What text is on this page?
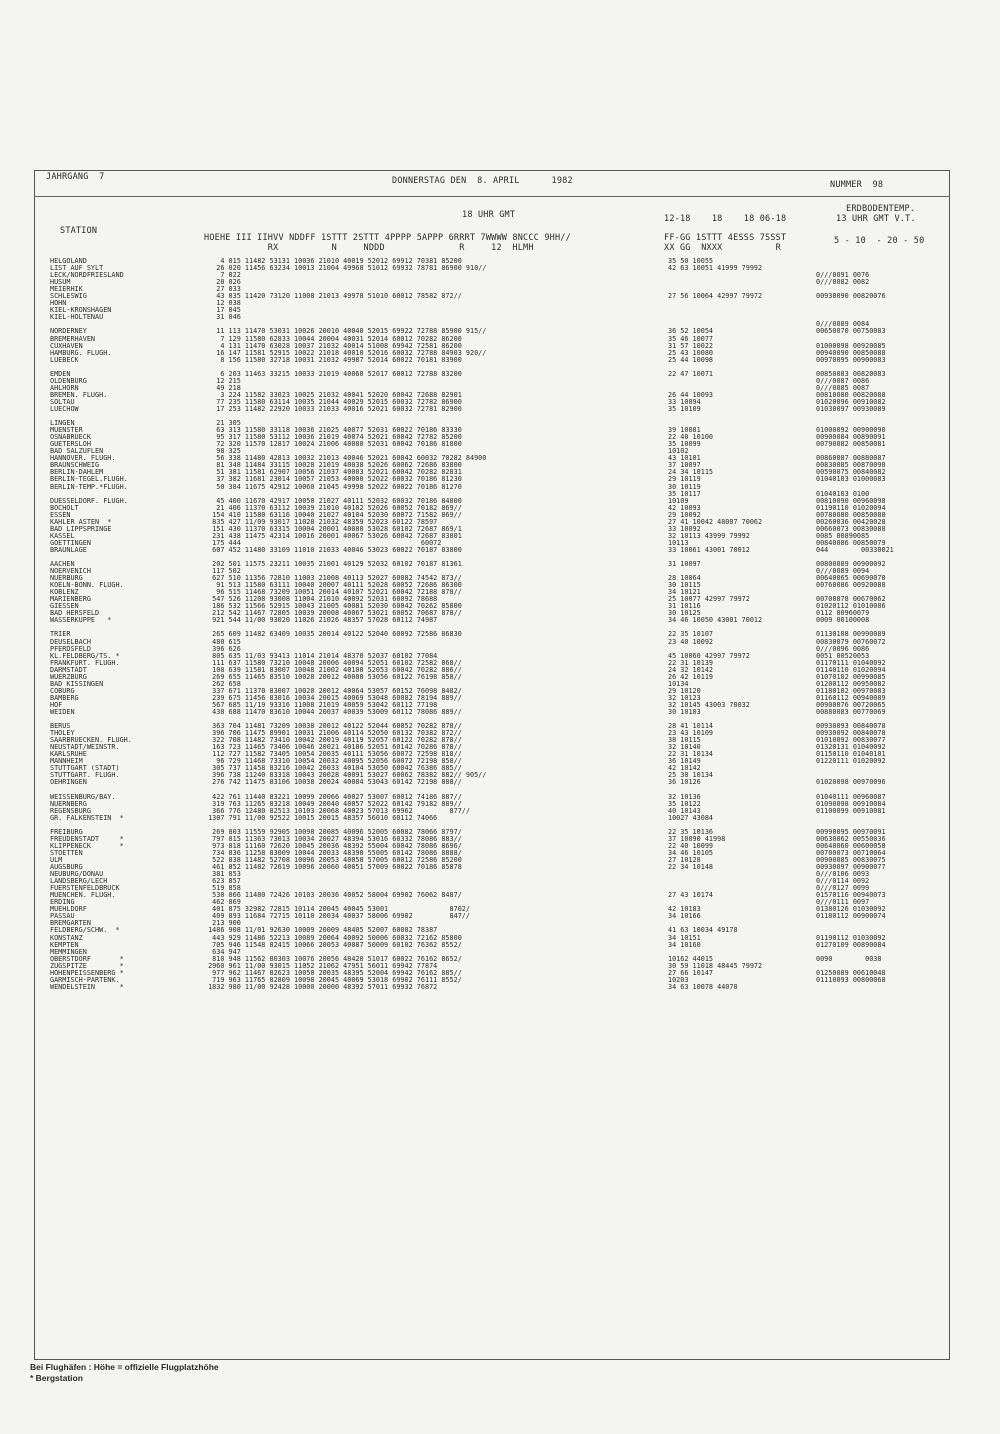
JAHRGANG  7	DONNERSTAG DEN  8. APRIL      1982	NUMMER  98
18 UHR GMT
ERDBODENTEMP.
13 UHR GMT V.T.
12-18    18    18 06-18
STATION
HOEHE III IIHVV NDDFF 1STTT 2STTT 4PPPP 5APPP 6RRRT 7WWWW 8NCCC 9HH//
RX          N     NDDD              R     12  HLMH
FF-GG 1STTT 4ESSS 7SSST
XX GG  NXXX          R
5 - 10  - 20 - 50
HELGOLAND
LIST AUF SYLT
LECK/NORDFRIESLAND
HUSUM
MEIERHIK
SCHLESWIG
HOHN
KIEL-KRONSHAGEN
KIEL-HOLTENAU
NORDERNEY
BREMERHAVEN
CUXHAVEN
HAMBURG. FLUGH.
LUEBECK
EMDEN
OLDENBURG
AHLHORN
BREMEN. FLUGH.
SOLTAU
LUECHOW
LINGEN
MUENSTER
OSNABRUECK
GUETERSLOH
BAD SALZUFLEN
HANNOVER. FLUGH.
BRAUNSCHWEIG
BERLIN-DAHLEM
BERLIN-TEGEL.FLUGH.
BERLIN-TEMP.*FLUGH.
DUESSELDORF. FLUGH.
BOCHOLT
ESSEN
KAHLER ASTEN  *
BAD LIPPSPRINGE
KASSEL
GOETTINGEN
BRAUNLAGE
AACHEN
NOERVENICH
NUERBURG
KOELN-BONN. FLUGH.
KOBLENZ
MARIENBERG
GIESSEN
BAD HERSFELD
WASSERKUPPE   *
TRIER
DEUSELBACH
PFERDSFELD
KL.FELDBERG/TS. *
FRANKFURT. FLUGH.
DARMSTADT
WUERZBURG
BAD KISSINGEN
COBURG
BAMBERG
HOF
WEIDEN
BERUS
THOLEY
SAARBRUECKEN. FLUGH.
NEUSTADT/WEINSTR.
KARLSRUHE
MANNHEIM
STUTTGART (STADT)
STUTTGART. FLUGH.
OEHRINGEN
WEISSENBURG/BAY.
NUERNBERG
REGENSBURG
GR. FALKENSTEIN  *
FREIBURG
FREUDENSTADT     *
KLIPPENECK       *
STOETTEN
ULM
AUGSBURG
NEUBURG/DONAU
LANDSBERG/LECH
FUERSTENFELDBRUCK
MUENCHEN. FLUGH.
ERDING
MUEHLDORF
PASSAU
BREMGARTEN
FELDBERG/SCHW.  *
KONSTANZ
KEMPTEN
MEMMINGEN
OBERSTDORF       *
ZUGSPITZE        *
HOHENPEISSENBERG *
GARMISCH-PARTENK.
WENDELSTEIN      *
4 015 11482 53131 10036 21010 40019 52012 69912 70381 85200
26 020 11456 63234 10013 21004 49968 51012 69932 78781 86900 910//
7 022
28 026
27 033
43 035 11420 73120 11008 21013 49978 51010 60012 78582 872//
12 038
17 045
31 046
11 113 11470 53031 10026 20010 40040 52015 69922 72788 85900 915//
7 129 11580 62833 10044 20004 40031 52014 60012 70282 86200
4 131 11470 63028 10037 21032 40014 51008 69942 72581 86200
16 147 11581 52915 10022 21018 40010 52016 60032 72788 84903 920//
8 156 11580 32718 10031 21032 49987 52014 60022 70181 83900
6 203 11463 33215 10033 21019 40060 52017 60012 72788 83200
12 215
49 218
3 224 11582 33023 10025 21032 40041 52020 60042 72688 82901
77 235 11580 63114 10035 21044 40029 52015 60032 72782 86900
17 253 11482 22920 10033 21033 40016 52021 60032 72781 82900
21 305
63 313 11580 33118 10036 21025 40077 52031 60022 70186 83330
95 317 11580 53112 10036 21019 40074 52021 60042 72782 85200
72 320 11570 12817 10024 21006 40080 52031 60042 70186 81800
98 325
56 338 11480 42813 10032 21013 40046 52021 60042 60032 70282 84900
81 348 11484 33115 10028 21019 40038 52026 60062 72686 83800
51 381 11581 62907 10056 21037 40003 52021 60042 70282 82831
37 382 11681 23014 10057 21053 40000 52022 60032 70186 81230
50 384 11675 42912 10060 21045 49998 52022 60022 70186 81270
45 400 11670 42917 10050 21027 40111 52032 60032 70186 84800
21 406 11370 63112 10039 21010 40102 52026 60052 70182 869//
154 410 11580 63116 10040 21027 40104 52030 60072 71582 869//
835 427 11/09 93017 11028 21032 48359 52023 60122 78597
151 430 11370 63315 10004 20001 40080 53028 60102 72687 869/1
231 438 11475 42314 10016 20001 40067 53026 60042 72687 83801
175 444                                            60072
607 452 11480 33109 11010 21033 40046 53023 60022 70187 83800
202 501 11575 23211 10035 21001 40129 52032 60102 70187 81361
117 502
627 510 11356 72810 11003 21008 40113 52027 60082 74542 873//
91 513 11580 63111 10040 20007 40111 52028 60052 72686 86300
96 515 11468 73209 10051 20014 40107 52021 60042 72188 878//
547 526 11208 93008 11004 21010 40092 52031 60092 78688
186 532 11566 52915 10043 21005 40081 52030 60042 70262 85800
212 542 11467 72805 10039 20008 40067 53021 60052 70687 878//
921 544 11/00 93020 11026 21026 48357 57028 60112 74987
265 609 11482 63409 10035 20014 40122 52040 60092 72586 86830
480 615
396 626
805 635 11/03 93413 11014 21014 48370 52037 60102 77084
111 637 11580 73210 10048 20006 40094 52051 60102 72582 868//
108 639 11581 83007 10048 21002 40100 52053 60042 70282 886//
269 655 11465 83510 10028 20012 40080 53056 60122 76198 858//
262 658
337 671 11370 83007 10020 20012 40064 53057 60152 76098 8482/
239 675 11456 83016 10034 20015 40069 53048 60082 78194 889//
567 685 11/19 93316 11008 21019 40059 53042 60112 77198
438 688 11470 83610 10044 20037 40039 53009 60112 78086 889//
363 704 11481 73209 10038 20012 40122 52044 60052 70282 878//
396 706 11475 89901 10031 21006 40114 52050 60132 70382 872//
322 708 11482 73410 10042 20019 40119 52057 60122 70282 878//
163 723 11465 73406 10046 20021 40106 52051 60142 70286 878//
112 727 11582 73405 10054 20035 40111 53056 60072 72598 818//
96 729 11468 73310 10054 20032 40095 52056 60072 72198 858//
305 737 11458 83216 10042 20033 40104 53050 60042 76386 885//
396 738 11240 83318 10043 20028 40091 53027 60062 78382 882// 905//
276 742 11475 83106 10038 20024 40084 53043 60142 72198 888//
422 761 11440 83221 10099 20066 40027 53007 60012 74186 887//
319 763 11265 83218 10049 20040 40057 52022 60142 79182 889//
366 776 12480 82513 10103 20068 40023 57013 69962         877//
1307 791 11/00 92522 10015 20015 48357 56010 60112 74066
269 803 11559 92905 10098 20085 40096 52005 60082 78066 8797/
797 815 11363 73013 10034 20027 48394 53016 60332 78086 883//
973 818 11160 72620 10045 20036 48392 55004 60042 78086 8696/
734 836 11258 83009 10044 20033 48390 55005 60142 78086 8888/
522 838 11482 52708 10096 20053 40058 57005 60012 72586 85200
461 852 11482 72619 10096 20060 40051 57009 60022 70186 85878
381 853
623 857
519 858
530 866 11480 72426 10103 20036 40052 58004 69902 76062 8487/
462 869
401 875 32982 72815 10114 20045 40045 53001               8702/
409 893 11684 72715 10110 20034 40037 58006 69902         847//
213 900
1486 908 11/01 92630 10009 20009 48405 52007 60082 78387
443 929 11486 52213 10089 20064 40092 50006 60032 72162 85800
705 946 11548 82415 10066 20053 40087 50009 60102 76362 8552/
634 947
810 948 11562 80303 10076 20056 48420 51017 60022 76162 8652/
2960 961 11/00 93015 11052 21062 47951 56011 69942 77874
977 962 11467 82623 10050 20035 48395 52004 69942 76162 885//
719 963 11765 82809 10098 20045 40069 53018 69902 76111 8552/
1832 980 11/00 92428 10000 20000 48392 57011 69932 76872
35 50 10055
42 63 10051 41999 79992
27 56 10064 42997 79972
36 52 10054
35 46 10077
31 57 10022
25 43 10080
25 44 10098
22 47 10071
26 44 10093
33 10094
35 10109
39 10081
22 40 10100
35 10099
10102
43 10101
37 10097
24 34 10115
29 10119
30 10119
35 10117
10109
42 10093
29 10092
27 41 10042 48007 70062
33 10092
32 10113 43999 79992
10113
33 10061 43001 70012
31 10097
28 10064
30 10115
34 10121
25 10077 42997 79972
31 10116
30 10125
34 46 10050 43001 70012
22 35 10107
23 40 10092
45 10060 42997 79972
22 31 10139
24 32 10142
26 42 10119
10134
29 10120
32 10123
32 10145 43003 70032
30 10103
28 41 10114
23 43 10109
38 10115
32 10140
22 31 10134
36 10149
42 10142
25 38 10134
36 10126
32 10136
35 10122
40 10143
10027 43084
22 35 10136
37 10090 41998
22 40 10099
34 46 10105
27 10128
22 34 10148
27 43 10174
42 10183
34 10166
41 63 10034 49178
34 10151
34 10160
10162 44015
30 59 11018 48445 79972
27 66 10147
10203
34 63 10078 44070
0///0091 0076
0///0082 0082
00930090 00820076
0///0089 0084
00650070 00750083
01000098 00920085
00940090 00850088
00970095 00900083
00850083 00820083
0///0087 0086
0///0085 0087
00810080 00820088
01020096 00910082
01030097 00930089
01000092 00900090
00900084 00890091
00790082 00850081
00860087 00880087
00830085 00870090
00590075 00840082
01040103 01000083
01040103 0100
00810090 00960098
01190110 01020094
00780080 00850088
00260036 00420028
00660073 00830088
0085 00890085
00840086 00850079
044        00330021
00800089 00900092
0///0089 0094
00640065 00690070
00760086 00920088
00700078 00670062
01020112 01010086
0112 00960079
0009 00100008
01130108 00990089
00830079 00760072
0///0096 0086
0051 00520053
01170111 01040092
01140110 01020094
01070102 00990085
01200112 00950082
01180102 00970083
01160112 00940089
00900076 00720065
00880083 00770069
00930093 00840078
00930092 00840078
01010092 00830077
01320131 01040092
01150110 01040101
01220111 01020092
01020098 00970096
01040111 00960087
01090098 00910084
01100099 00910081
00990095 00970091
00630062 00550036
00640060 00600058
00700073 00710064
00900085 00830075
00930097 00900077
0///0106 0093
0///0114 0092
0///0127 0099
01570116 00940073
0///0111 0097
01380126 01030092
01180112 00900074
01190112 01030092
01270109 00890084
0090        0038
01250089 00610048
01110093 00800068
Bei Flughäfen : Höhe = offizielle Flugplatzhöhe
* Bergstation
